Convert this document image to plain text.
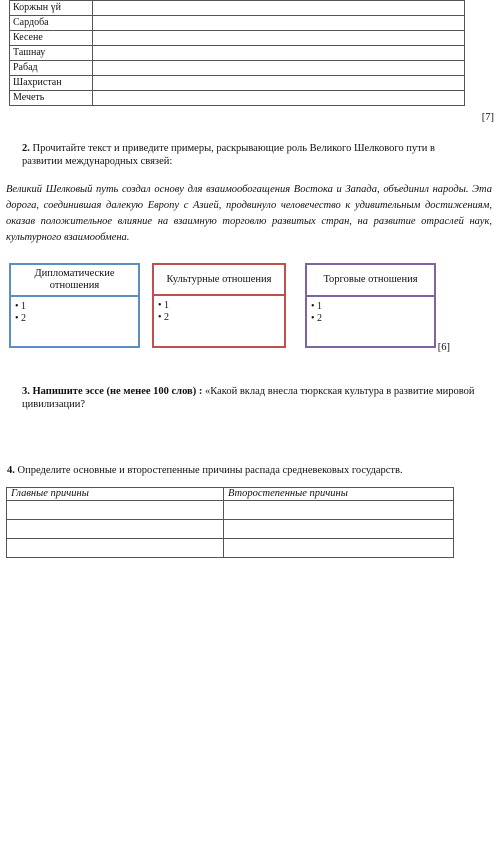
Коржын үй	
Сардоба	
Кесене	
Ташнау	
Рабад	
Шахристан	
Мечеть	
[7]
2. Прочитайте текст и приведите примеры, раскрывающие роль Великого Шелкового пути в развитии международных связей:
Великий Шелковый путь создал основу для взаимообогащения Востока и Запада, объединил народы. Эта дорога, соединившая далекую Европу с Азией, продвинуло человечество к удивительным достижениям, оказав положительное влияние на взаимную торговлю развитых стран, на развитие отраслей наук, культурного взаимообмена.
Дипломатические отношения
• 1
• 2
Культурные отношения
• 1
• 2
Торговые отношения
• 1
• 2
[6]
3. Напишите эссе (не менее 100 слов) : «Какой вклад внесла тюркская культура в развитие мировой цивилизации?
4. Определите основные и второстепенные причины распада средневековых государств.
Главные причины	Второстепенные причины
